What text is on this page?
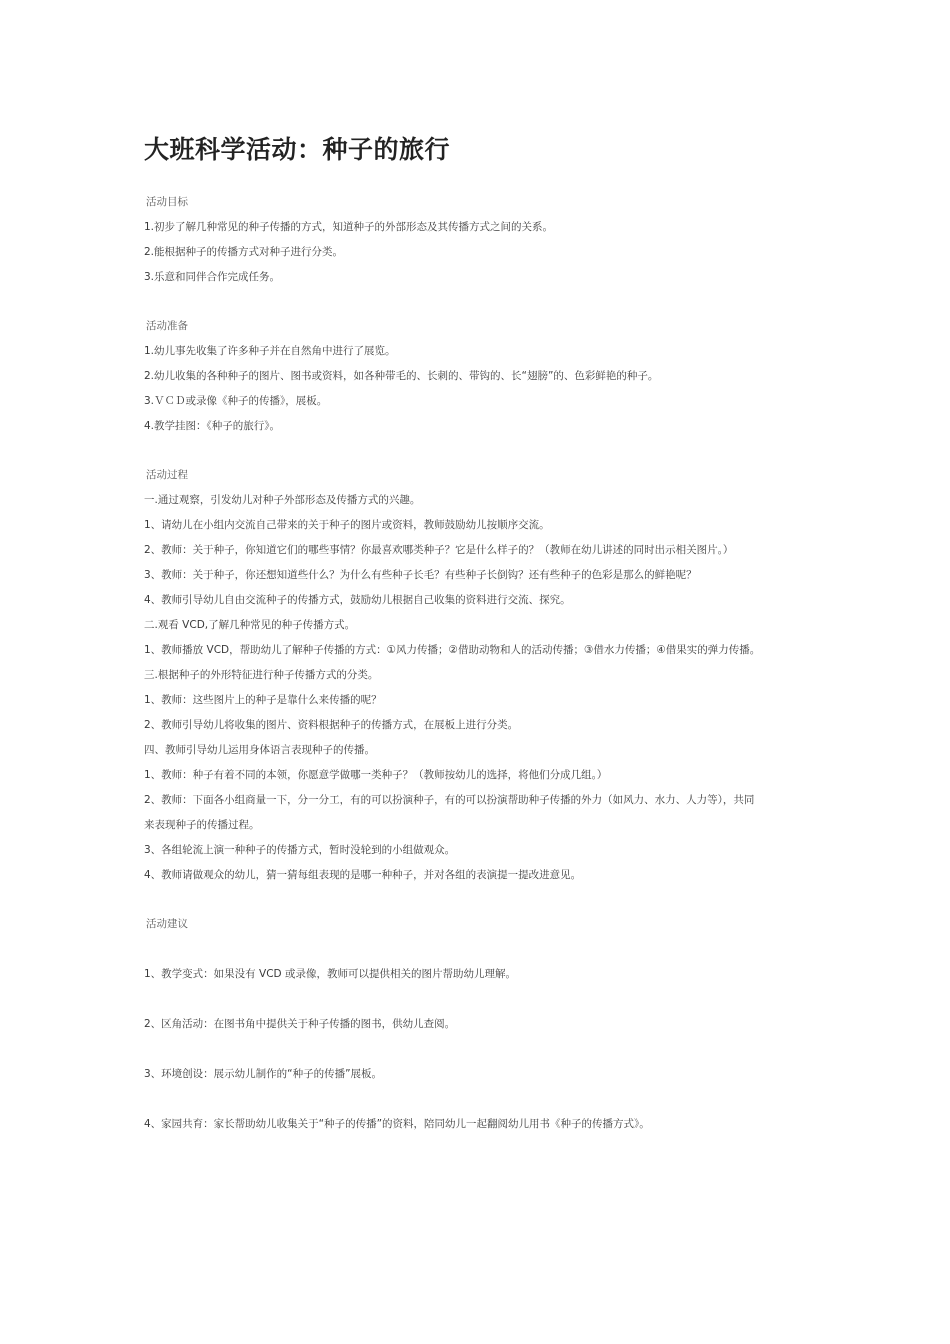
大班科学活动：种子的旅行
活动目标
1.初步了解几种常见的种子传播的方式，知道种子的外部形态及其传播方式之间的关系。
2.能根据种子的传播方式对种子进行分类。
3.乐意和同伴合作完成任务。
活动准备
1.幼儿事先收集了许多种子并在自然角中进行了展览。
2.幼儿收集的各种种子的图片、图书或资料，如各种带毛的、长刺的、带钩的、长“翅膀”的、色彩鲜艳的种子。
3.ＶＣＤ或录像《种子的传播》，展板。
4.教学挂图：《种子的旅行》。
活动过程
一.通过观察，引发幼儿对种子外部形态及传播方式的兴趣。
1、请幼儿在小组内交流自己带来的关于种子的图片或资料，教师鼓励幼儿按顺序交流。
2、教师：关于种子，你知道它们的哪些事情？你最喜欢哪类种子？它是什么样子的？（教师在幼儿讲述的同时出示相关图片。）
3、教师：关于种子，你还想知道些什么？为什么有些种子长毛？有些种子长倒钩？还有些种子的色彩是那么的鲜艳呢？
4、教师引导幼儿自由交流种子的传播方式，鼓励幼儿根据自己收集的资料进行交流、探究。
二.观看 VCD,了解几种常见的种子传播方式。
1、教师播放 VCD，帮助幼儿了解种子传播的方式：①风力传播；②借助动物和人的活动传播；③借水力传播；④借果实的弹力传播。
三.根据种子的外形特征进行种子传播方式的分类。
1、教师：这些图片上的种子是靠什么来传播的呢？
2、教师引导幼儿将收集的图片、资料根据种子的传播方式，在展板上进行分类。
四、教师引导幼儿运用身体语言表现种子的传播。
1、教师：种子有着不同的本领，你愿意学做哪一类种子？（教师按幼儿的选择，将他们分成几组。）
2、教师：下面各小组商量一下，分一分工，有的可以扮演种子，有的可以扮演帮助种子传播的外力（如风力、水力、人力等），共同
来表现种子的传播过程。
3、各组轮流上演一种种子的传播方式，暂时没轮到的小组做观众。
4、教师请做观众的幼儿，猜一猜每组表现的是哪一种种子，并对各组的表演提一提改进意见。
活动建议
1、教学变式：如果没有 VCD 或录像，教师可以提供相关的图片帮助幼儿理解。
2、区角活动：在图书角中提供关于种子传播的图书，供幼儿查阅。
3、环境创设：展示幼儿制作的“种子的传播”展板。
4、家园共育：家长帮助幼儿收集关于“种子的传播”的资料，陪同幼儿一起翻阅幼儿用书《种子的传播方式》。
